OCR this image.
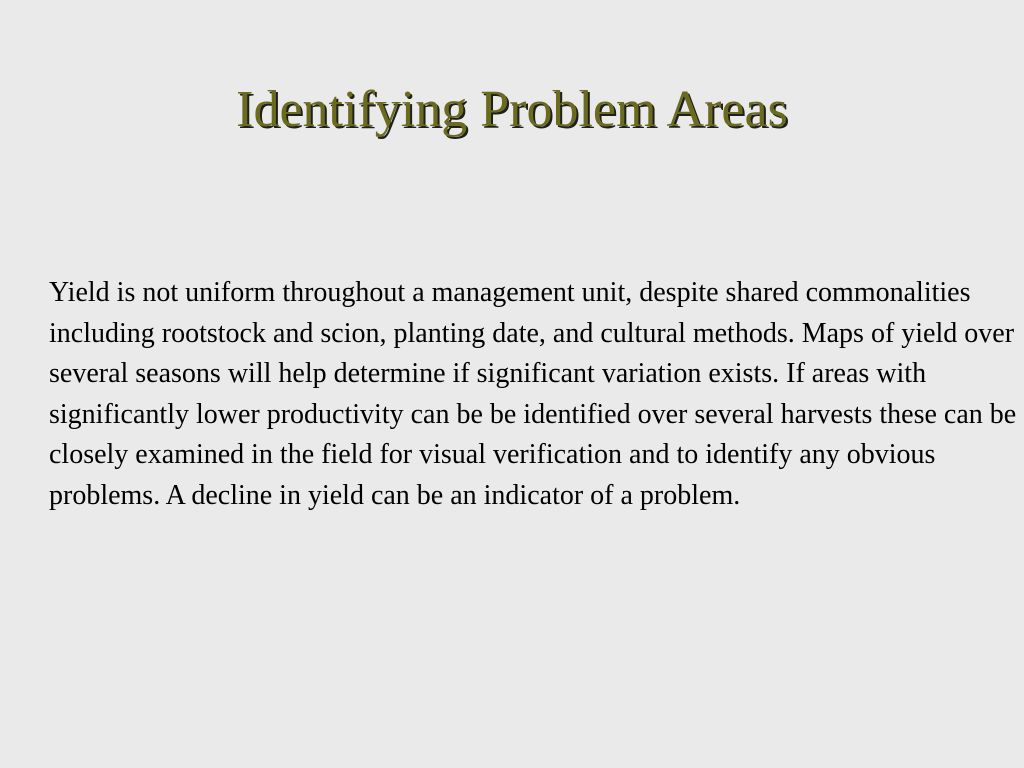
Identifying Problem Areas

Yield is not uniform throughout a management unit, despite shared commonalities including rootstock and scion, planting date, and cultural methods. Maps of yield over several seasons will help determine if significant variation exists. If areas with significantly lower productivity can be be identified over several harvests these can be closely examined in the field for visual verification and to identify any obvious problems. A decline in yield can be an indicator of a problem.
